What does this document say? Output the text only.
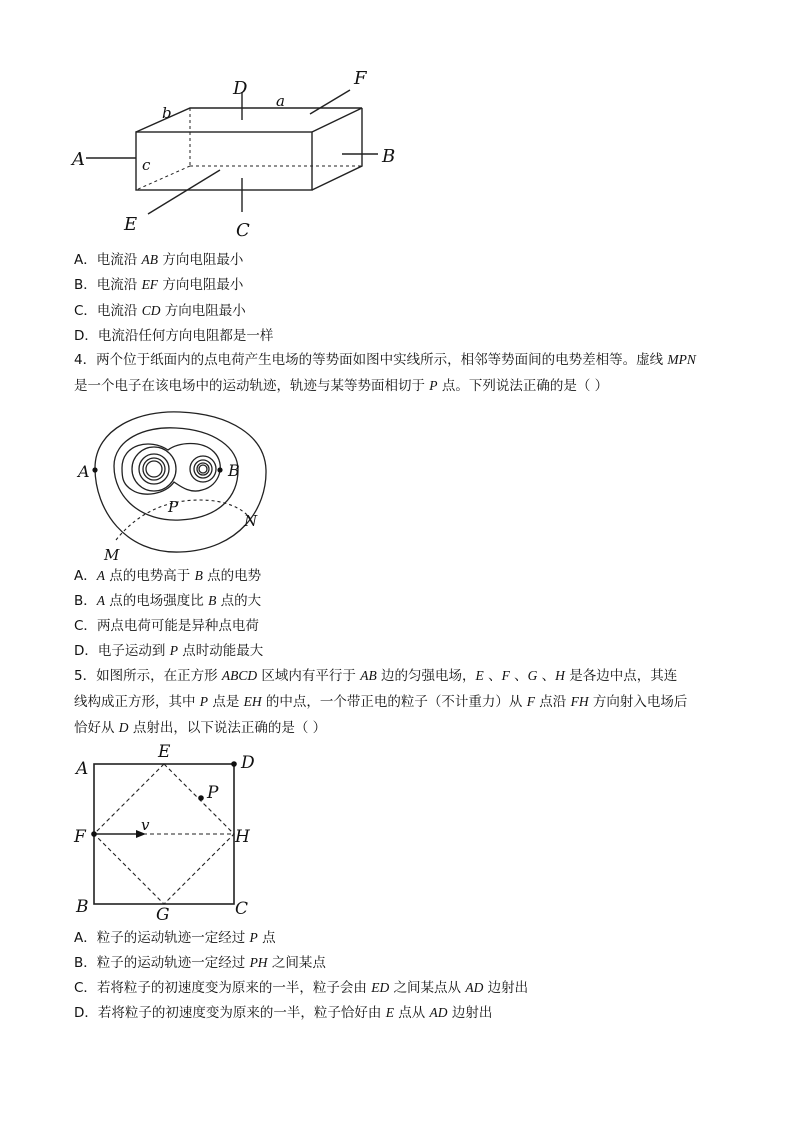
D
a
F
b
A	c	B
E	C
A．电流沿 AB 方向电阻最小
B．电流沿 EF 方向电阻最小
C．电流沿 CD 方向电阻最小
D．电流沿任何方向电阻都是一样
4．两个位于纸面内的点电荷产生电场的等势面如图中实线所示，相邻等势面间的电势差相等。虚线 MPN
是一个电子在该电场中的运动轨迹，轨迹与某等势面相切于 P 点。下列说法正确的是（ ）
A	B
P
N
M
A．A 点的电势高于 B 点的电势
B．A 点的电场强度比 B 点的大
C．两点电荷可能是异种点电荷
D．电子运动到 P 点时动能最大
5．如图所示，在正方形 ABCD 区域内有平行于 AB 边的匀强电场，E 、F 、G 、H 是各边中点，其连
线构成正方形，其中 P 点是 EH 的中点，一个带正电的粒子（不计重力）从 F 点沿 FH 方向射入电场后
恰好从 D 点射出，以下说法正确的是（ ）
A
E
D
P
F
v
H
B	G	C
A．粒子的运动轨迹一定经过 P 点
B．粒子的运动轨迹一定经过 PH 之间某点
C．若将粒子的初速度变为原来的一半，粒子会由 ED 之间某点从 AD 边射出
D．若将粒子的初速度变为原来的一半，粒子恰好由 E 点从 AD 边射出
